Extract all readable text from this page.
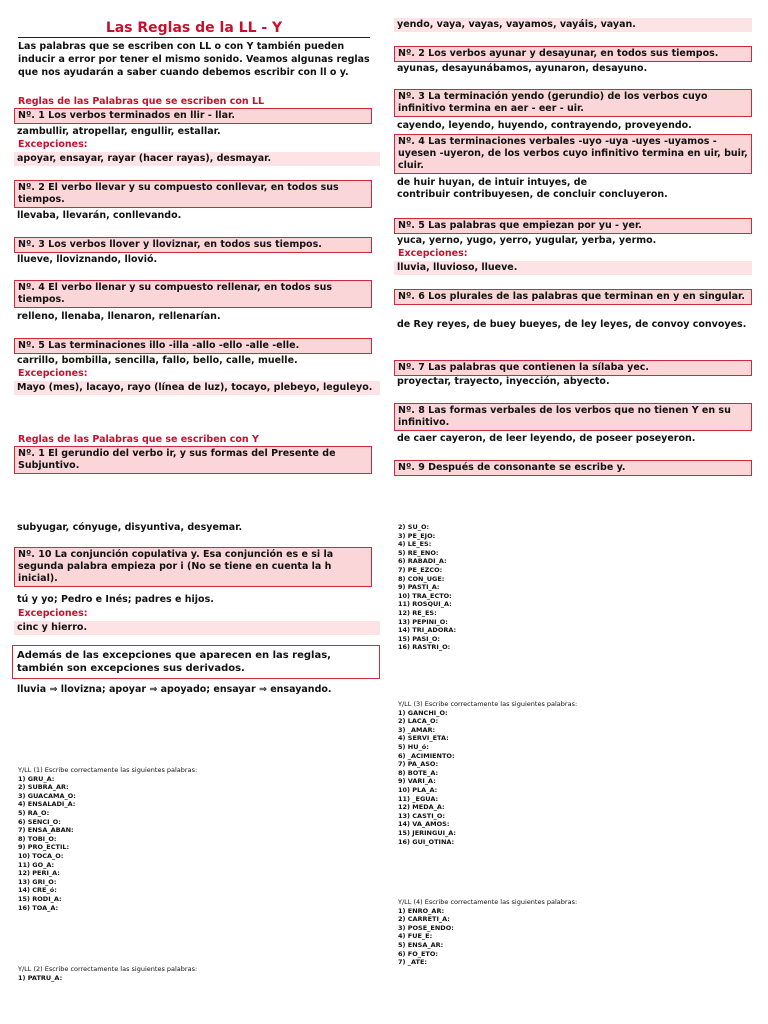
Las Reglas de la LL - Y
Las palabras que se escriben con LL o con Y también pueden inducir a error por tener el mismo sonido. Veamos algunas reglas que nos ayudarán a saber cuando debemos escribir con ll o y.
Reglas de las Palabras que se escriben con LL
Nº. 1 Los verbos terminados en llir - llar.
zambullir, atropellar, engullir, estallar.
Excepciones:
apoyar, ensayar, rayar (hacer rayas), desmayar.
Nº. 2 El verbo llevar y su compuesto conllevar, en todos sus tiempos.
llevaba, llevarán, conllevando.
Nº. 3 Los verbos llover y lloviznar, en todos sus tiempos.
llueve, lloviznando, llovió.
Nº. 4 El verbo llenar y su compuesto rellenar, en todos sus tiempos.
relleno, llenaba, llenaron, rellenarían.
Nº. 5 Las terminaciones illo -illa -allo -ello -alle -elle.
carrillo, bombilla, sencilla, fallo, bello, calle, muelle.
Excepciones:
Mayo (mes), lacayo, rayo (línea de luz), tocayo, plebeyo, leguleyo.
Reglas de las Palabras que se escriben con Y
Nº. 1 El gerundio del verbo ir, y sus formas del Presente de Subjuntivo.
yendo, vaya, vayas, vayamos, vayáis, vayan.
Nº. 2 Los verbos ayunar y desayunar, en todos sus tiempos.
ayunas, desayunábamos, ayunaron, desayuno.
Nº. 3 La terminación yendo (gerundio) de los verbos cuyo infinitivo termina en aer - eer - uir.
cayendo, leyendo, huyendo, contrayendo, proveyendo.
Nº. 4 Las terminaciones verbales -uyo -uya -uyes -uyamos -uyesen -uyeron, de los verbos cuyo infinitivo termina en uir, buir, cluir.
de huir huyan, de intuir intuyes, de
contribuir contribuyesen, de concluir concluyeron.
Nº. 5 Las palabras que empiezan por yu - yer.
yuca, yerno, yugo, yerro, yugular, yerba, yermo.
Excepciones:
lluvia, lluvioso, llueve.
Nº. 6 Los plurales de las palabras que terminan en y en singular.
de Rey reyes, de buey bueyes, de ley leyes, de convoy convoyes.
Nº. 7 Las palabras que contienen la sílaba yec.
proyectar, trayecto, inyección, abyecto.
Nº. 8 Las formas verbales de los verbos que no tienen Y en su infinitivo.
de caer cayeron, de leer leyendo, de poseer poseyeron.
Nº. 9 Después de consonante se escribe y.
subyugar, cónyuge, disyuntiva, desyemar.
Nº. 10 La conjunción copulativa y. Esa conjunción es e si la segunda palabra empieza por i (No se tiene en cuenta la h inicial).
tú y yo; Pedro e Inés; padres e hijos.
Excepciones:
cinc y hierro.
Además de las excepciones que aparecen en las reglas, también son excepciones sus derivados.
lluvia ⇒ llovizna; apoyar ⇒ apoyado; ensayar ⇒ ensayando.
Y/LL (1) Escribe correctamente las siguientes palabras:
1) GRU_A:
2) SUBRA_AR:
3) GUACAMA_O:
4) ENSALADI_A:
5) RA_O:
6) SENCI_O:
7) ENSA_ABAN:
8) TOBI_O:
9) PRO_ECTIL:
10) TOCA_O:
11) GO_A:
12) PERI_A:
13) GRI_O:
14) CRE_ó:
15) RODI_A:
16) TOA_A:
Y/LL (2) Escribe correctamente las siguientes palabras:
1) PATRU_A:
2) SU_O:
3) PE_EJO:
4) LE_ES:
5) RE_ENO:
6) RABADI_A:
7) PE_EZCO:
8) CON_UGE:
9) PASTI_A:
10) TRA_ECTO:
11) ROSQUI_A:
12) RE_ES:
13) PEPINI_O:
14) TRI_ADORA:
15) PASI_O:
16) RASTRI_O:
Y/LL (3) Escribe correctamente las siguientes palabras:
1) GANCHI_O:
2) LACA_O:
3) _AMAR:
4) SERVI_ETA:
5) HU_ó:
6) _ACIMIENTO:
7) PA_ASO:
8) BOTE_A:
9) VARI_A:
10) PLA_A:
11) _EGUA:
12) MEDA_A:
13) CASTI_O:
14) VA_AMOS:
15) JERINGUI_A:
16) GUI_OTINA:
Y/LL (4) Escribe correctamente las siguientes palabras:
1) ENRO_AR:
2) CARRETI_A:
3) POSE_ENDO:
4) FUE_E:
5) ENSA_AR:
6) FO_ETO:
7) _ATE:
